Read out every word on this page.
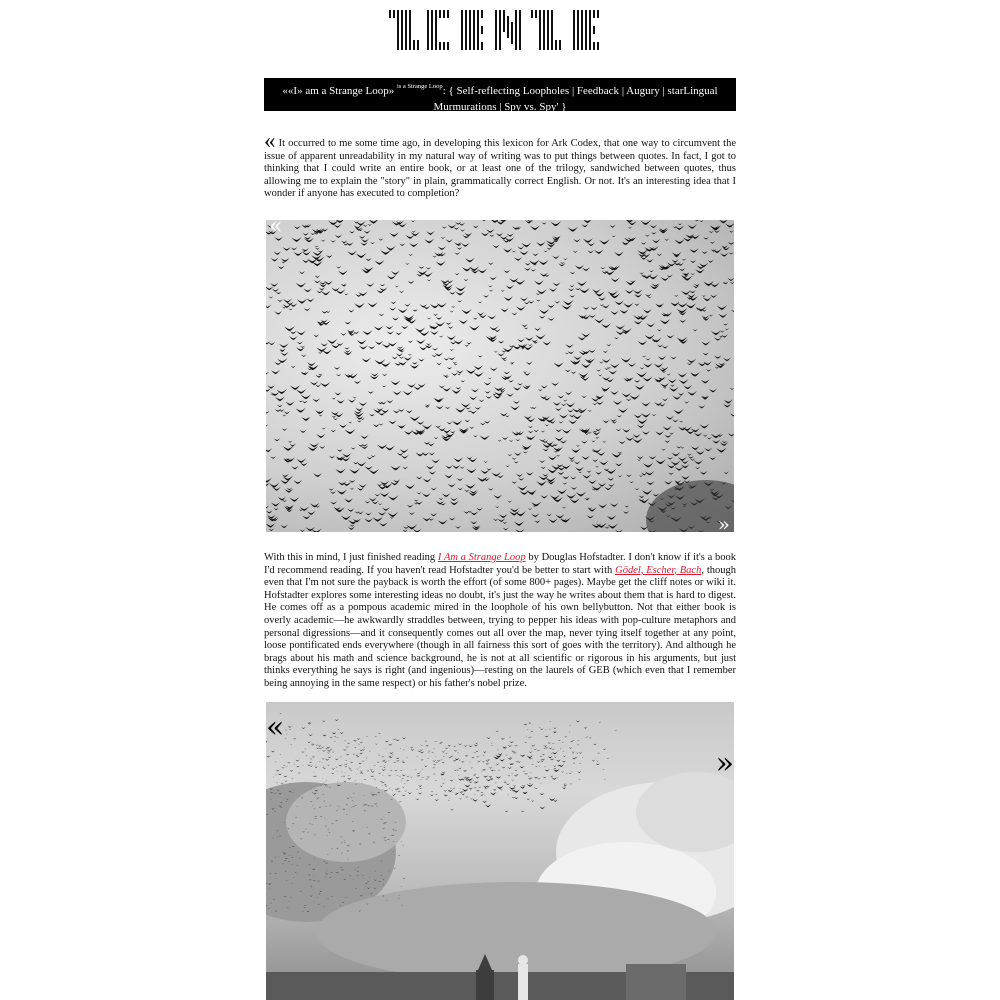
««I» am a Strange Loop» $^{is a Strange Loop}$: { Self-reflecting Loopholes | Feedback | Augury | starLingual Murmurations | Spy vs. Spy' }
« It occurred to me some time ago, in developing this lexicon for Ark Codex, that one way to circumvent the issue of apparent unreadability in my natural way of writing was to put things between quotes. In fact, I got to thinking that I could write an entire book, or at least one of the trilogy, sandwiched between quotes, thus allowing me to explain the "story" in plain, grammatically correct English. Or not. It's an interesting idea that I wonder if anyone has executed to completion?
«
»
With this in mind, I just finished reading I Am a Strange Loop by Douglas Hofstadter. I don't know if it's a book I'd recommend reading. If you haven't read Hofstadter you'd be better to start with Gödel, Escher, Bach, though even that I'm not sure the payback is worth the effort (of some 800+ pages). Maybe get the cliff notes or wiki it. Hofstadter explores some interesting ideas no doubt, it's just the way he writes about them that is hard to digest. He comes off as a pompous academic mired in the loophole of his own bellybutton. Not that either book is overly academic—he awkwardly straddles between, trying to pepper his ideas with pop-culture metaphors and personal digressions—and it consequently comes out all over the map, never tying itself together at any point, loose pontificated ends everywhere (though in all fairness this sort of goes with the territory). And although he brags about his math and science background, he is not at all scientific or rigorous in his arguments, but just thinks everything he says is right (and ingenious)—resting on the laurels of GEB (which even that I remember being annoying in the same respect) or his father's nobel prize.
«
»
